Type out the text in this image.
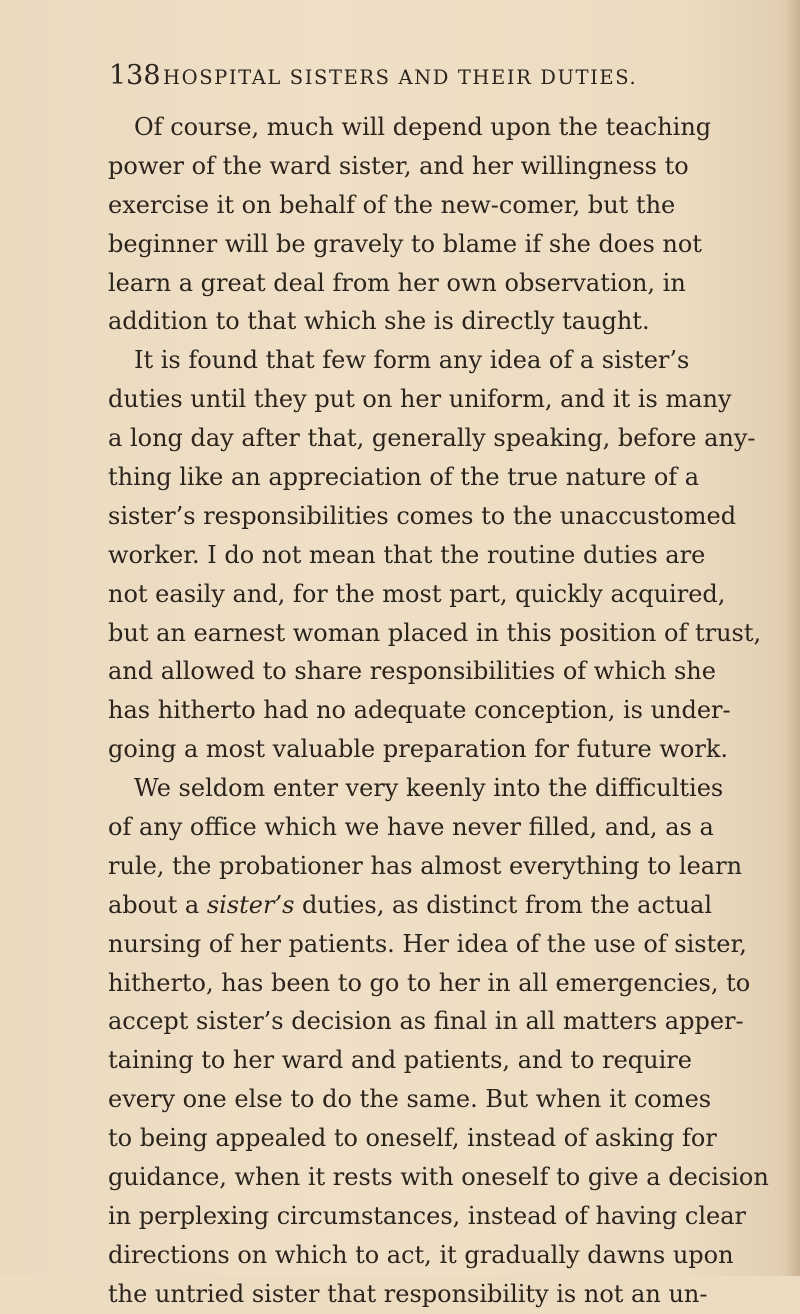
138 HOSPITAL SISTERS AND THEIR DUTIES.
Of course, much will depend upon the teaching
power of the ward sister, and her willingness to
exercise it on behalf of the new-comer, but the
beginner will be gravely to blame if she does not
learn a great deal from her own observation, in
addition to that which she is directly taught.
It is found that few form any idea of a sister’s
duties until they put on her uniform, and it is many
a long day after that, generally speaking, before any-
thing like an appreciation of the true nature of a
sister’s responsibilities comes to the unaccustomed
worker. I do not mean that the routine duties are
not easily and, for the most part, quickly acquired,
but an earnest woman placed in this position of trust,
and allowed to share responsibilities of which she
has hitherto had no adequate conception, is under-
going a most valuable preparation for future work.
We seldom enter very keenly into the difficulties
of any office which we have never filled, and, as a
rule, the probationer has almost everything to learn
about a sister’s duties, as distinct from the actual
nursing of her patients. Her idea of the use of sister,
hitherto, has been to go to her in all emergencies, to
accept sister’s decision as final in all matters apper-
taining to her ward and patients, and to require
every one else to do the same. But when it comes
to being appealed to oneself, instead of asking for
guidance, when it rests with oneself to give a decision
in perplexing circumstances, instead of having clear
directions on which to act, it gradually dawns upon
the untried sister that responsibility is not an un-
